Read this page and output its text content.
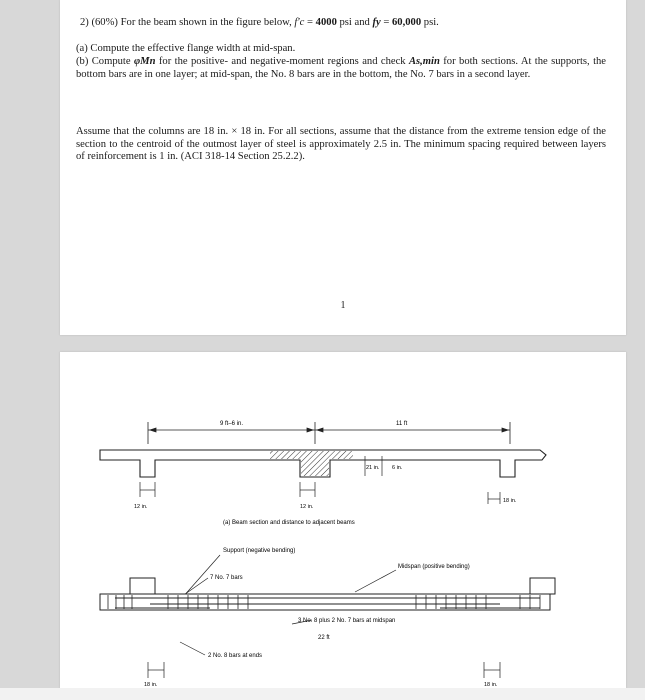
2) (60%) For the beam shown in the figure below, f′c = 4000 psi and fy = 60,000 psi.
(a) Compute the effective flange width at mid-span.
(b) Compute φMn for the positive- and negative-moment regions and check As,min for both sections. At the supports, the bottom bars are in one layer; at mid-span, the No. 8 bars are in the bottom, the No. 7 bars in a second layer.
Assume that the columns are 18 in. × 18 in. For all sections, assume that the distance from the extreme tension edge of the section to the centroid of the outmost layer of steel is approximately 2.5 in. The minimum spacing required between layers of reinforcement is 1 in. (ACI 318-14 Section 25.2.2).
1
9 ft–6 in.	11 ft
21 in. 6 in.
12 in.	12 in.
18 in.
(a) Beam section and distance to adjacent beams
Support (negative bending)
Midspan (positive bending)
7 No. 7 bars
3 No. 8 plus 2 No. 7 bars at midspan
22 ft
2 No. 8 bars at ends
18 in.	18 in.
